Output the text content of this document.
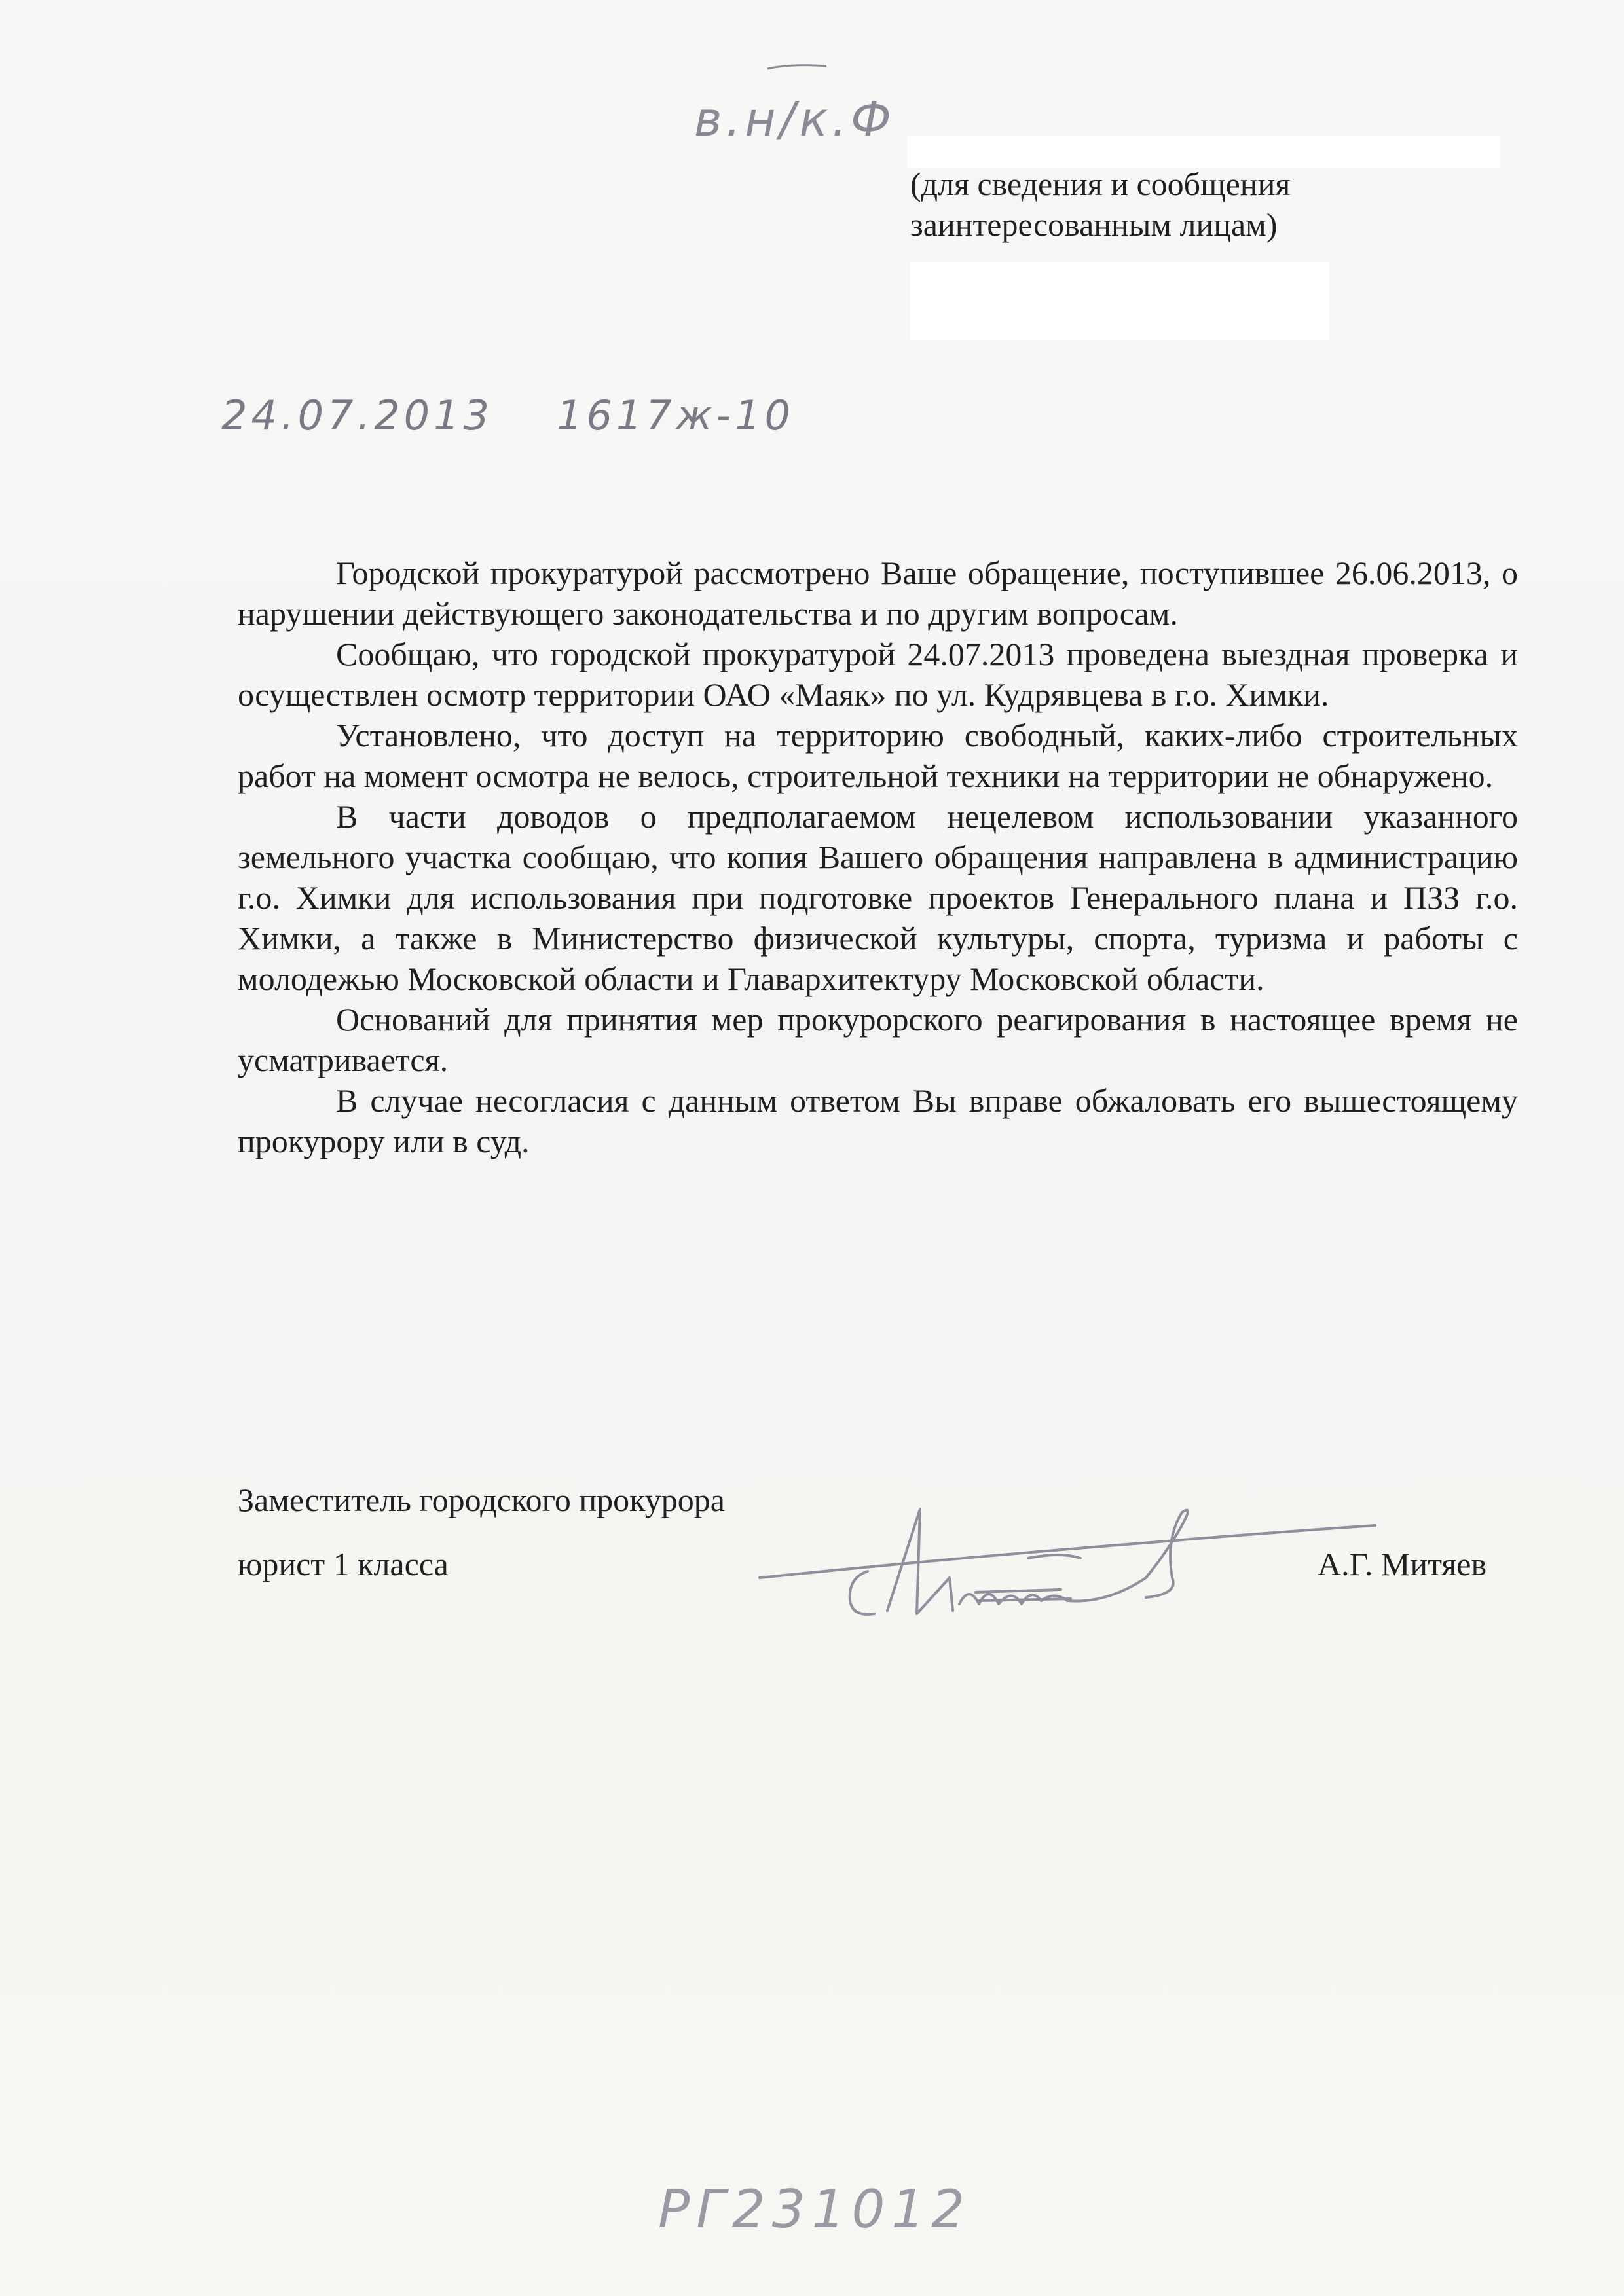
в.н/к.Ф
(для сведения и сообщения заинтересованным лицам)
24.07.2013 1617ж-10

Городской прокуратурой рассмотрено Ваше обращение, поступившее 26.06.2013, о нарушении действующего законодательства и по другим вопросам.

Сообщаю, что городской прокуратурой 24.07.2013 проведена выездная проверка и осуществлен осмотр территории ОАО «Маяк» по ул. Кудрявцева в г.о. Химки.

Установлено, что доступ на территорию свободный, каких-либо строительных работ на момент осмотра не велось, строительной техники на территории не обнаружено.

В части доводов о предполагаемом нецелевом использовании указанного земельного участка сообщаю, что копия Вашего обращения направлена в администрацию г.о. Химки для использования при подготовке проектов Генерального плана и ПЗЗ г.о. Химки, а также в Министерство физической культуры, спорта, туризма и работы с молодежью Московской области и Главархитектуру Московской области.

Оснований для принятия мер прокурорского реагирования в настоящее время не усматривается.

В случае несогласия с данным ответом Вы вправе обжаловать его вышестоящему прокурору или в суд.

Заместитель городского прокурора
юрист 1 класса	А.Г. Митяев
РГ231012
